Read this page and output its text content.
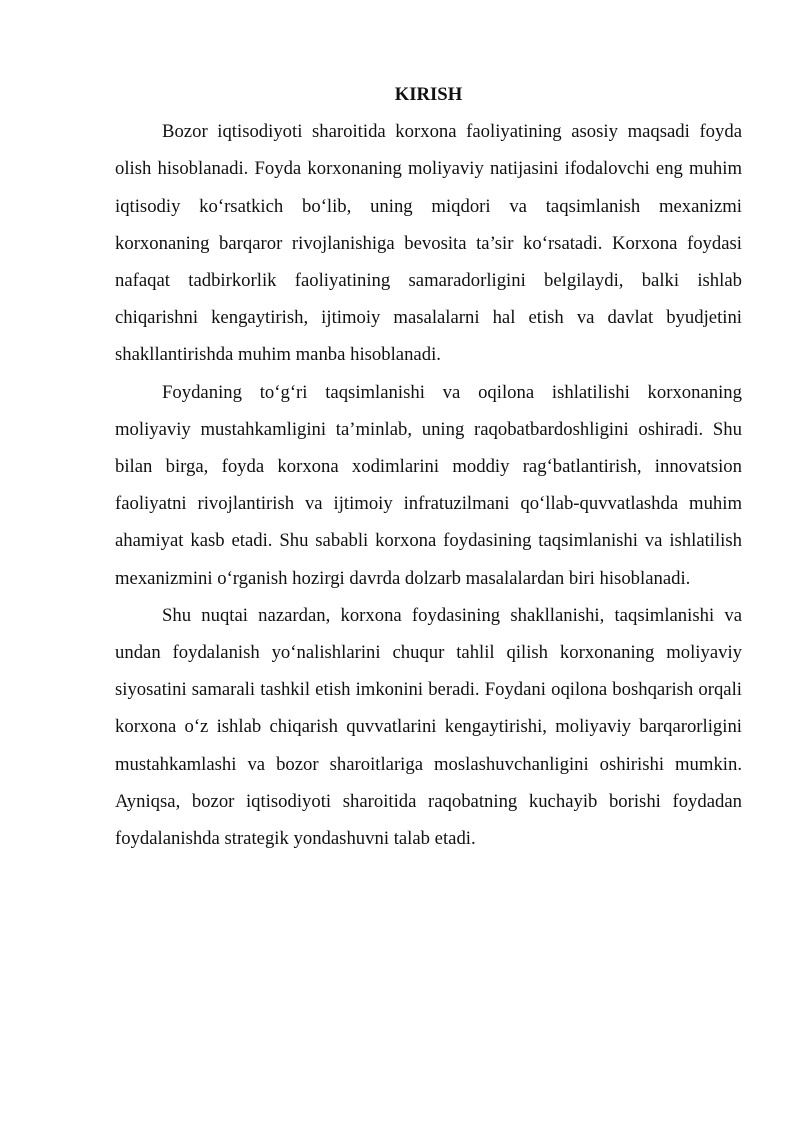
KIRISH

Bozor iqtisodiyoti sharoitida korxona faoliyatining asosiy maqsadi foyda olish hisoblanadi. Foyda korxonaning moliyaviy natijasini ifodalovchi eng muhim iqtisodiy ko‘rsatkich bo‘lib, uning miqdori va taqsimlanish mexanizmi korxonaning barqaror rivojlanishiga bevosita ta’sir ko‘rsatadi. Korxona foydasi nafaqat tadbirkorlik faoliyatining samaradorligini belgilaydi, balki ishlab chiqarishni kengaytirish, ijtimoiy masalalarni hal etish va davlat byudjetini shakllantirishda muhim manba hisoblanadi.

Foydaning to‘g‘ri taqsimlanishi va oqilona ishlatilishi korxonaning moliyaviy mustahkamligini ta’minlab, uning raqobatbardoshligini oshiradi. Shu bilan birga, foyda korxona xodimlarini moddiy rag‘batlantirish, innovatsion faoliyatni rivojlantirish va ijtimoiy infratuzilmani qo‘llab-quvvatlashda muhim ahamiyat kasb etadi. Shu sababli korxona foydasining taqsimlanishi va ishlatilish mexanizmini o‘rganish hozirgi davrda dolzarb masalalardan biri hisoblanadi.

Shu nuqtai nazardan, korxona foydasining shakllanishi, taqsimlanishi va undan foydalanish yo‘nalishlarini chuqur tahlil qilish korxonaning moliyaviy siyosatini samarali tashkil etish imkonini beradi. Foydani oqilona boshqarish orqali korxona o‘z ishlab chiqarish quvvatlarini kengaytirishi, moliyaviy barqarorligini mustahkamlashi va bozor sharoitlariga moslashuvchanligini oshirishi mumkin. Ayniqsa, bozor iqtisodiyoti sharoitida raqobatning kuchayib borishi foydadan foydalanishda strategik yondashuvni talab etadi.
